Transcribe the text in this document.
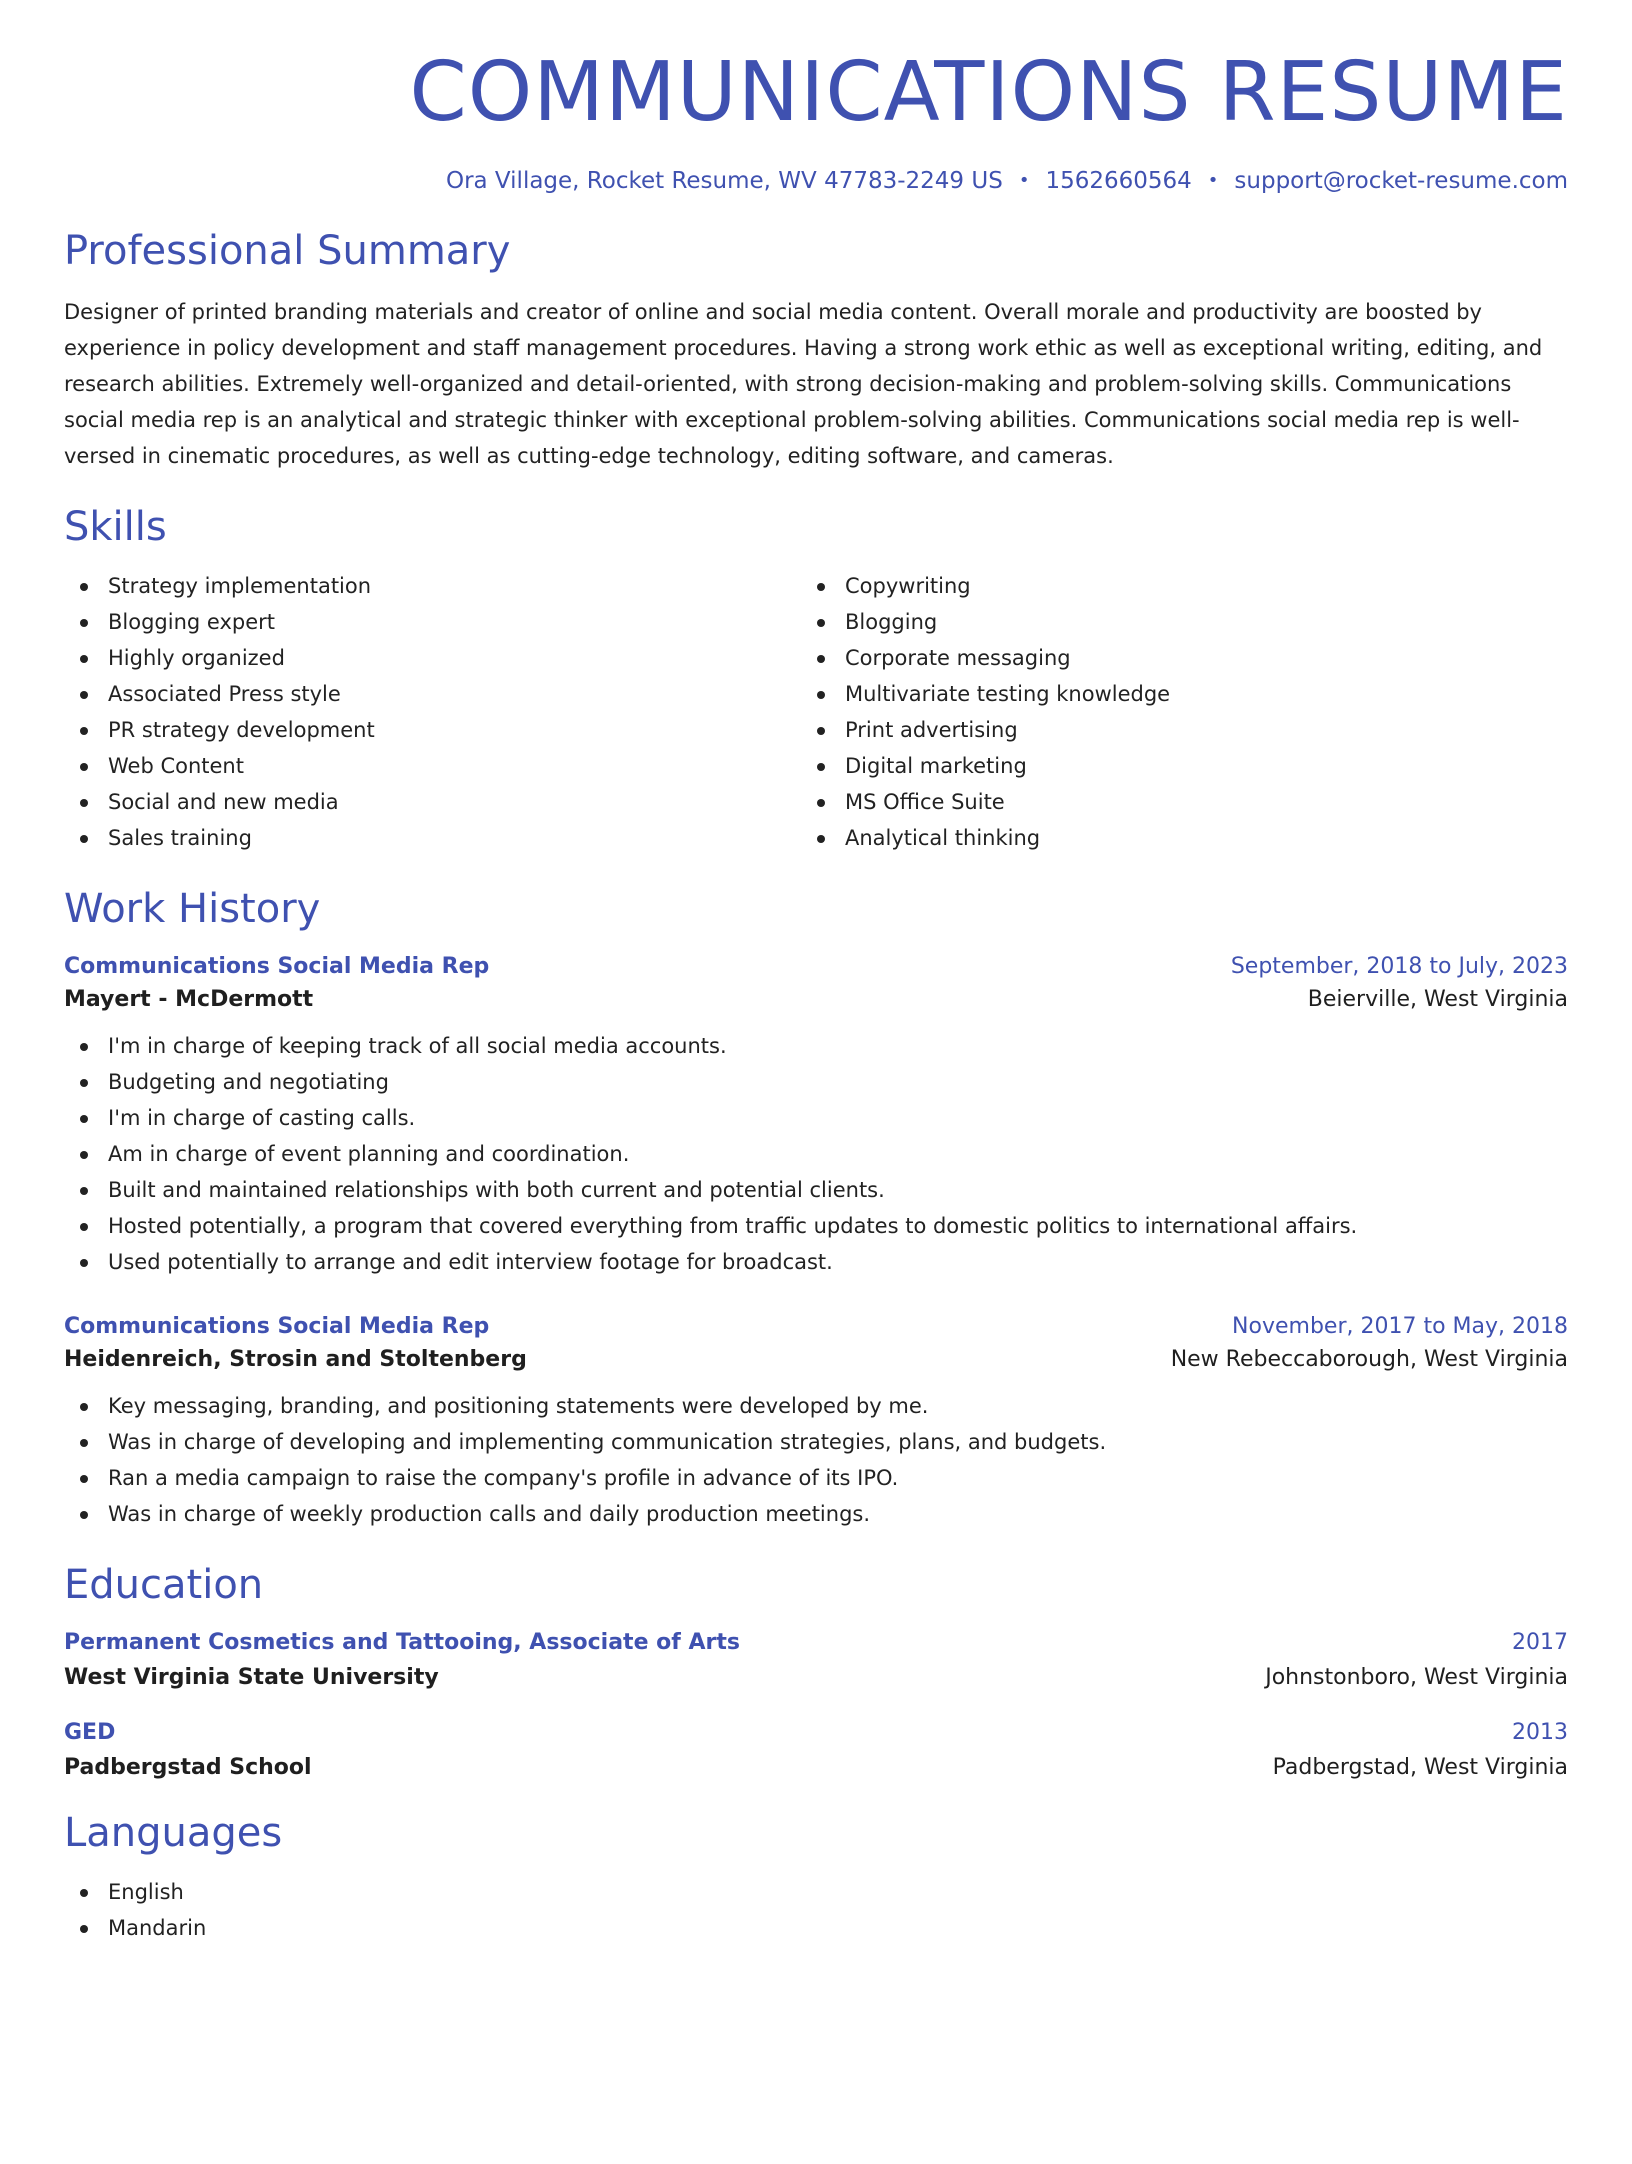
COMMUNICATIONS RESUME
Ora Village, Rocket Resume, WV 47783-2249 US • 1562660564 • support@rocket-resume.com
Professional Summary

Designer of printed branding materials and creator of online and social media content. Overall morale and productivity are boosted by experience in policy development and staff management procedures. Having a strong work ethic as well as exceptional writing, editing, and research abilities. Extremely well-organized and detail-oriented, with strong decision-making and problem-solving skills. Communications social media rep is an analytical and strategic thinker with exceptional problem-solving abilities. Communications social media rep is well-versed in cinematic procedures, as well as cutting-edge technology, editing software, and cameras.

Skills
Strategy implementation
Blogging expert
Highly organized
Associated Press style
PR strategy development
Web Content
Social and new media
Sales training
Copywriting
Blogging
Corporate messaging
Multivariate testing knowledge
Print advertising
Digital marketing
MS Office Suite
Analytical thinking
Work History
Communications Social Media Rep	September, 2018 to July, 2023
Mayert - McDermott	Beierville, West Virginia
I'm in charge of keeping track of all social media accounts.
Budgeting and negotiating
I'm in charge of casting calls.
Am in charge of event planning and coordination.
Built and maintained relationships with both current and potential clients.
Hosted potentially, a program that covered everything from traffic updates to domestic politics to international affairs.
Used potentially to arrange and edit interview footage for broadcast.
Communications Social Media Rep	November, 2017 to May, 2018
Heidenreich, Strosin and Stoltenberg	New Rebeccaborough, West Virginia
Key messaging, branding, and positioning statements were developed by me.
Was in charge of developing and implementing communication strategies, plans, and budgets.
Ran a media campaign to raise the company's profile in advance of its IPO.
Was in charge of weekly production calls and daily production meetings.
Education
Permanent Cosmetics and Tattooing, Associate of Arts	2017
West Virginia State University	Johnstonboro, West Virginia
GED	2013
Padbergstad School	Padbergstad, West Virginia
Languages
English
Mandarin
